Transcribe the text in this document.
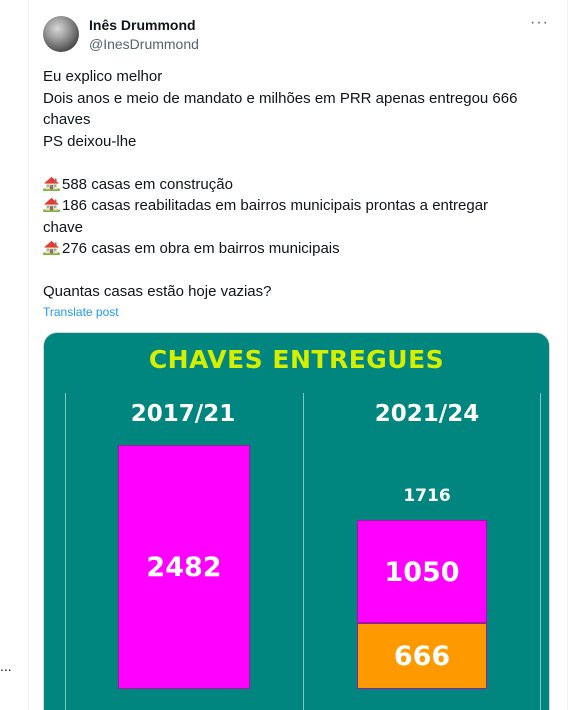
...
Inês Drummond
@InesDrummond
···
Eu explico melhor
Dois anos e meio de mandato e milhões em PRR apenas entregou 666
chaves
PS deixou-lhe
588 casas em construção
186 casas reabilitadas em bairros municipais prontas a entregar
chave
276 casas em obra em bairros municipais
Quantas casas estão hoje vazias?
Translate post
CHAVES ENTREGUES
2017/21	2021/24
2482
666
1050
1716
